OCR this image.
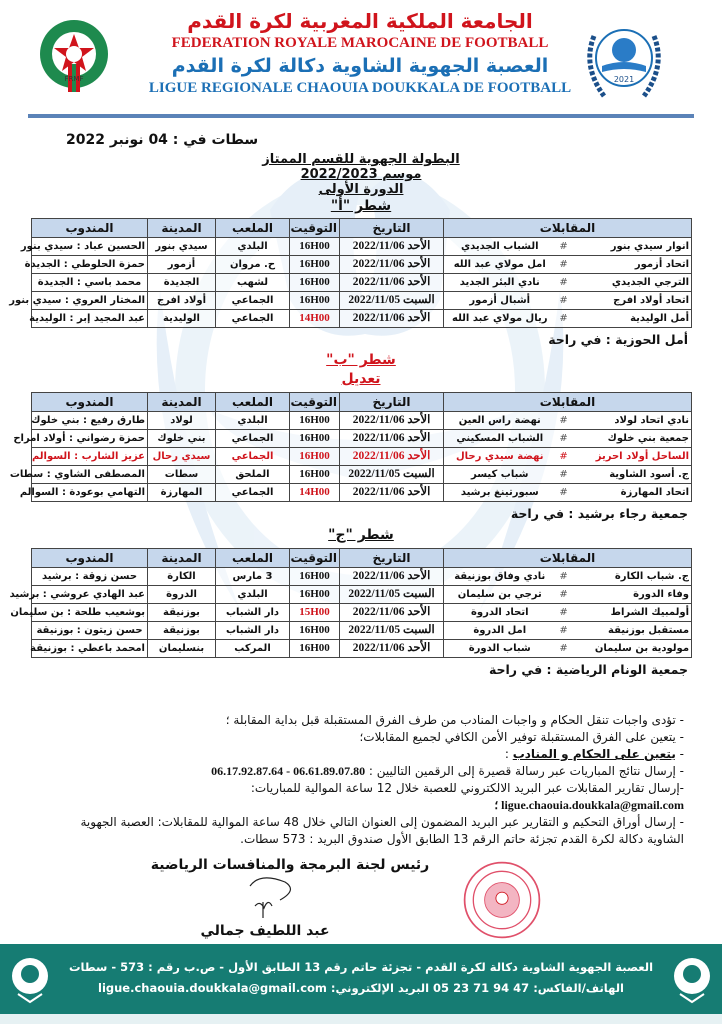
FRMF
الجامعة الملكية المغربية لكرة القدم
FEDERATION ROYALE MAROCAINE DE FOOTBALL
العصبة الجهوية الشاوية دكالة لكرة القدم
LIGUE REGIONALE CHAOUIA DOUKKALA DE FOOTBALL
2021
سطات في : 04 نونبر 2022
البطولة الجهوية للقسم الممتاز
موسم 2022/2023
الدورة الأولى
شطر "أ"
المقابلات			التاريخ	التوقيت	الملعب	المدينة	المندوب
انوار سيدي بنور	#	الشباب الجديدي	الأحد 2022/11/06	16H00	البلدي	سيدي بنور	الحسين عباد : سيدي بنور
اتحاد أزمور	#	امل مولاي عبد الله	الأحد 2022/11/06	16H00	ح. مروان	أزمور	حمزة الحلوطي : الجديدة
الترجي الجديدي	#	نادي البئر الجديد	الأحد 2022/11/06	16H00	لشهب	الجديدة	محمد باسي : الجديدة
اتحاد أولاد افرج	#	أشبال أزمور	السبت 2022/11/05	16H00	الجماعي	أولاد افرج	المختار العروي : سيدي بنور
أمل الوليدية	#	ريال مولاي عبد الله	الأحد 2022/11/06	14H00	الجماعي	الوليدية	عبد المجيد إبر : الوليدية
أمل الحوزية : في راحة
شطر "ب"
تعديل
المقابلات			التاريخ	التوقيت	الملعب	المدينة	المندوب
نادي اتحاد لولاد	#	نهضة راس العين	الأحد 2022/11/06	16H00	البلدي	لولاد	طارق رفيع : بني خلوك
جمعية بني خلوك	#	الشباب المسكيني	الأحد 2022/11/06	16H00	الجماعي	بني خلوك	حمزة رضواني : أولاد امراح
الساحل أولاد احريز	#	نهضة سيدي رحال	الأحد 2022/11/06	16H00	الجماعي	سيدي رحال	عزيز الشارب : السوالم
ج. أسود الشاوية	#	شباب كيسر	السبت 2022/11/05	16H00	الملحق	سطات	المصطفى الشاوي : سطات
اتحاد المهارزة	#	سبورتينغ برشيد	الأحد 2022/11/06	14H00	الجماعي	المهارزة	التهامي بوعودة : السوالم
جمعية رجاء برشيد : في راحة
شطر "ج"
المقابلات			التاريخ	التوقيت	الملعب	المدينة	المندوب
ج. شباب الكارة	#	نادي وفاق بوزنيقة	الأحد 2022/11/06	16H00	3 مارس	الكارة	حسن زوقة : برشيد
وفاء الدورة	#	ترجي بن سليمان	السبت 2022/11/05	16H00	البلدي	الدروة	عبد الهادي عروشي : برشيد
أولمبيك الشراط	#	اتحاد الدروة	الأحد 2022/11/06	15H00	دار الشباب	بوزنيقة	بوشعيب طلحة : بن سليمان
مستقبل بوزنيقة	#	امل الدروة	السبت 2022/11/05	16H00	دار الشباب	بوزنيقة	حسن زيتون : بوزنيقة
مولودية بن سليمان	#	شباب الدورة	الأحد 2022/11/06	16H00	المركب	بنسليمان	امحمد باعطي : بوزنيقة
جمعية الونام الرياضية : في راحة

- تؤدى واجبات تنقل الحكام و واجبات المنادب من طرف الفرق المستقبلة قبل بداية المقابلة ؛

- يتعين على الفرق المستقبلة توفير الأمن الكافي لجميع المقابلات؛

- يتعين على الحكام و المنادب :

- إرسال نتائج المباريات عبر رسالة قصيرة إلى الرقمين التاليين : 06.61.89.07.80 - 06.17.92.87.64

-إرسال تقارير المقابلات عبر البريد الالكتروني للعصبة خلال 12 ساعة الموالية للمباريات:

ligue.chaouia.doukkala@gmail.com ؛

- إرسال أوراق التحكيم و التقارير عبر البريد المضمون إلى العنوان التالي خلال 48 ساعة الموالية للمقابلات: العصبة الجهوية الشاوية دكالة لكرة القدم تجزئة حاتم الرقم 13 الطابق الأول صندوق البريد : 573 سطات.

رئيس لجنة البرمجة والمنافسات الرياضية
عبد اللطيف جمالي
العصبة الجهوية الشاوية دكالة لكرة القدم - تجزئة حاتم رقم 13 الطابق الأول - ص.ب رقم : 573 - سطات
الهاتف/الفاكس: 47 94 71 23 05 البريد الإلكتروني: ligue.chaouia.doukkala@gmail.com
